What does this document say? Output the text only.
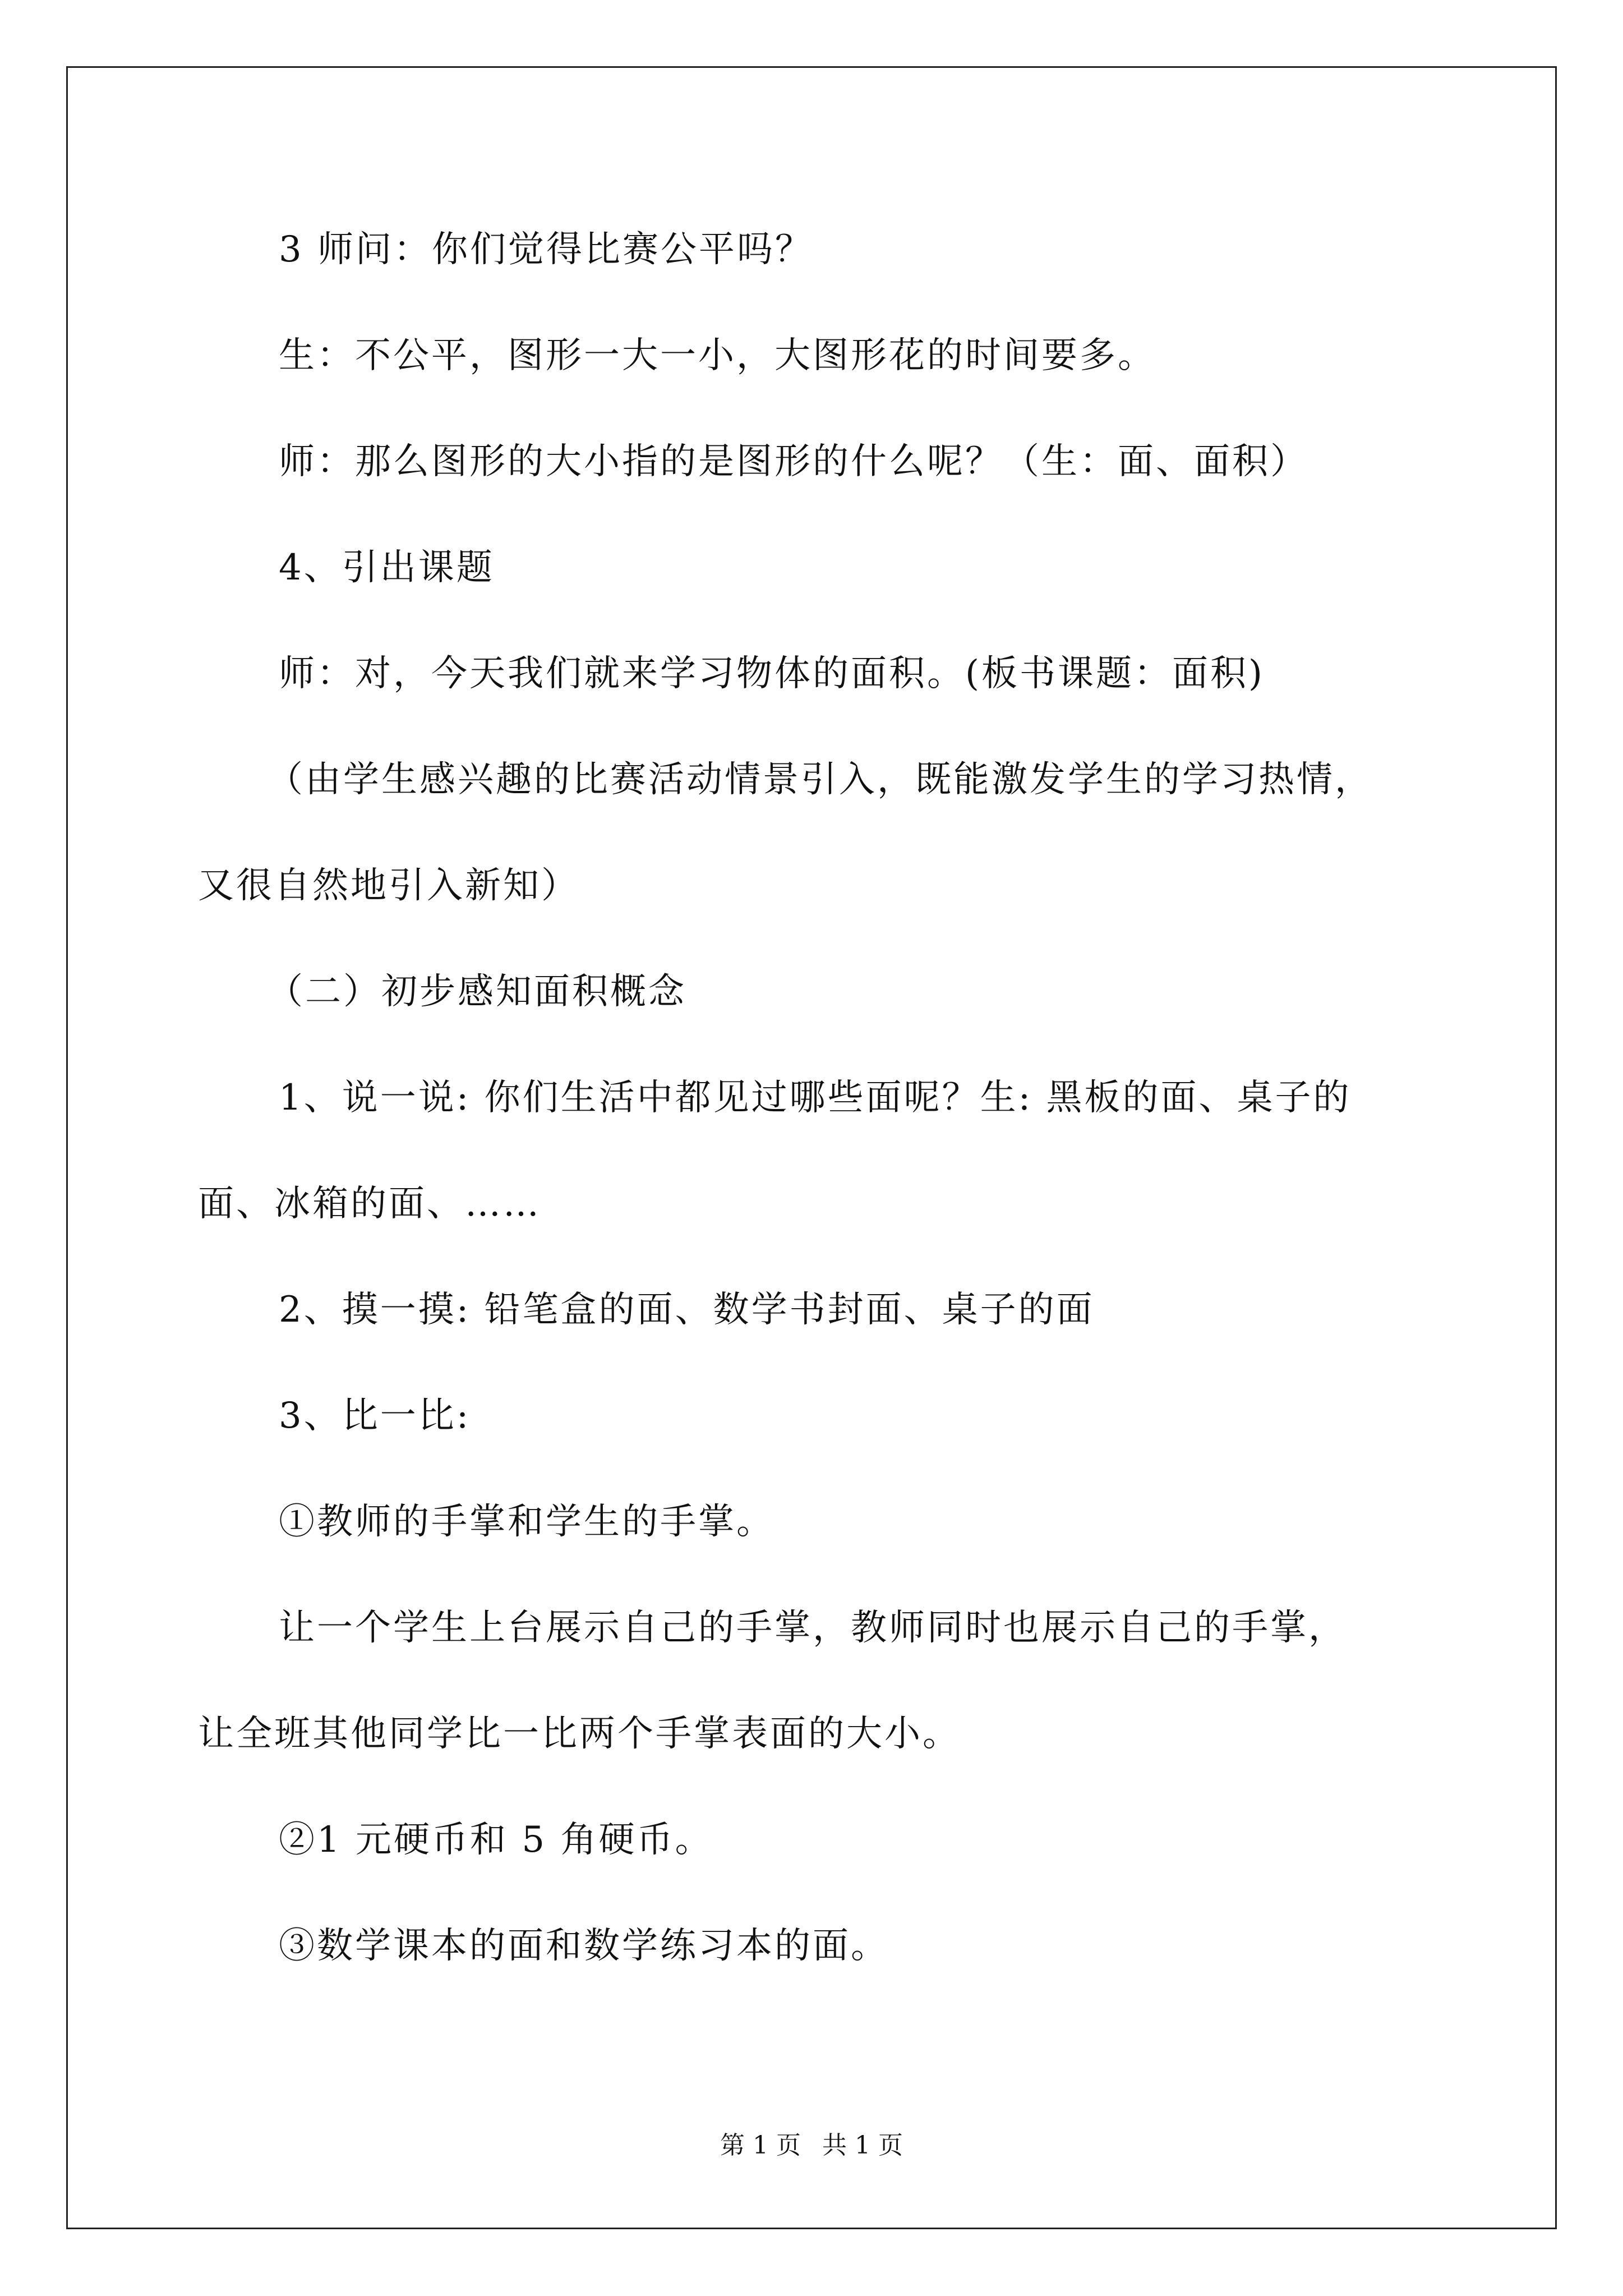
3 师问：你们觉得比赛公平吗？
生：不公平，图形一大一小，大图形花的时间要多。
师：那么图形的大小指的是图形的什么呢？（生：面、面积）
4、引出课题
师：对，今天我们就来学习物体的面积。(板书课题：面积)
（由学生感兴趣的比赛活动情景引入，既能激发学生的学习热情，
又很自然地引入新知）
（二）初步感知面积概念
1、说一说: 你们生活中都见过哪些面呢？生: 黑板的面、桌子的
面、冰箱的面、……
2、摸一摸: 铅笔盒的面、数学书封面、桌子的面
3、比一比:
①教师的手掌和学生的手掌。
让一个学生上台展示自己的手掌，教师同时也展示自己的手掌，
让全班其他同学比一比两个手掌表面的大小。
②1 元硬币和 5 角硬币。
③数学课本的面和数学练习本的面。
第 1 页 共 1 页
